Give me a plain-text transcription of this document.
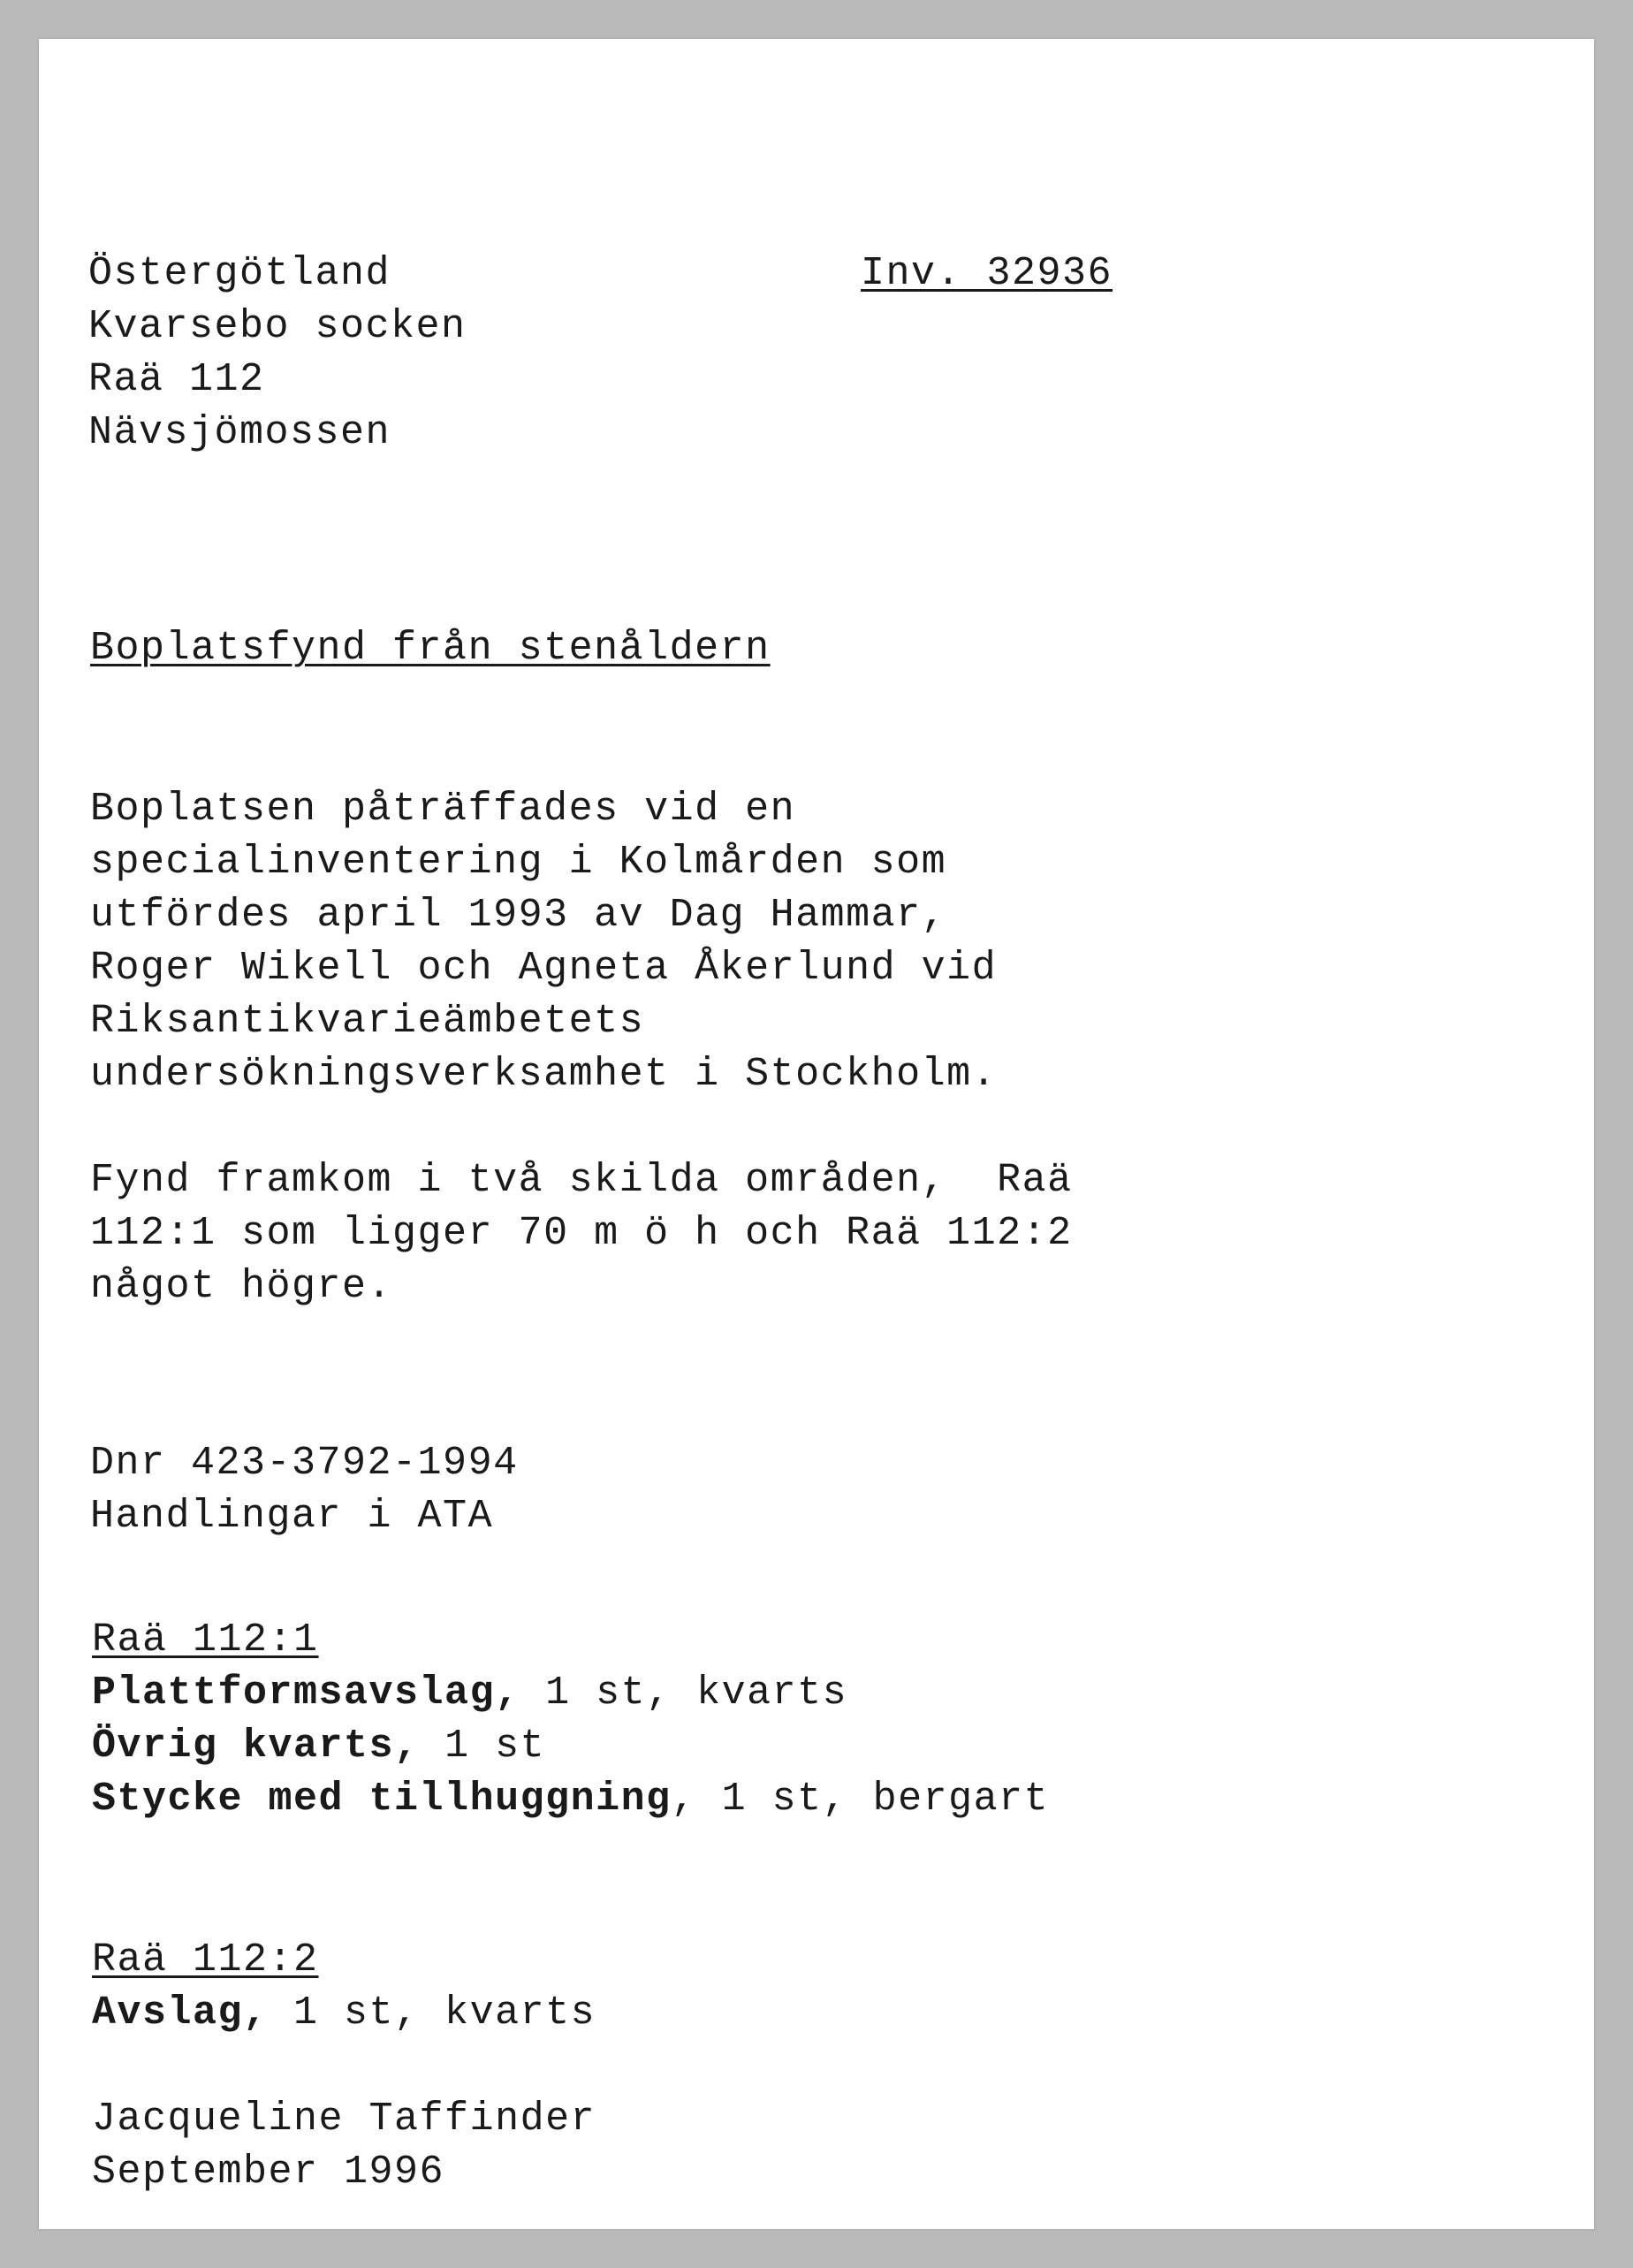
Östergötland	Inv. 32936
Kvarsebo socken
Raä 112
Nävsjömossen
Boplatsfynd från stenåldern
Boplatsen påträffades vid en
specialinventering i Kolmården som
utfördes april 1993 av Dag Hammar,
Roger Wikell och Agneta Åkerlund vid
Riksantikvarieämbetets
undersökningsverksamhet i Stockholm.
Fynd framkom i två skilda områden,  Raä
112:1 som ligger 70 m ö h och Raä 112:2
något högre.
Dnr 423-3792-1994
Handlingar i ATA
Raä 112:1
Plattformsavslag, 1 st, kvarts
Övrig kvarts, 1 st
Stycke med tillhuggning, 1 st, bergart
Raä 112:2
Avslag, 1 st, kvarts
Jacqueline Taffinder
September 1996
